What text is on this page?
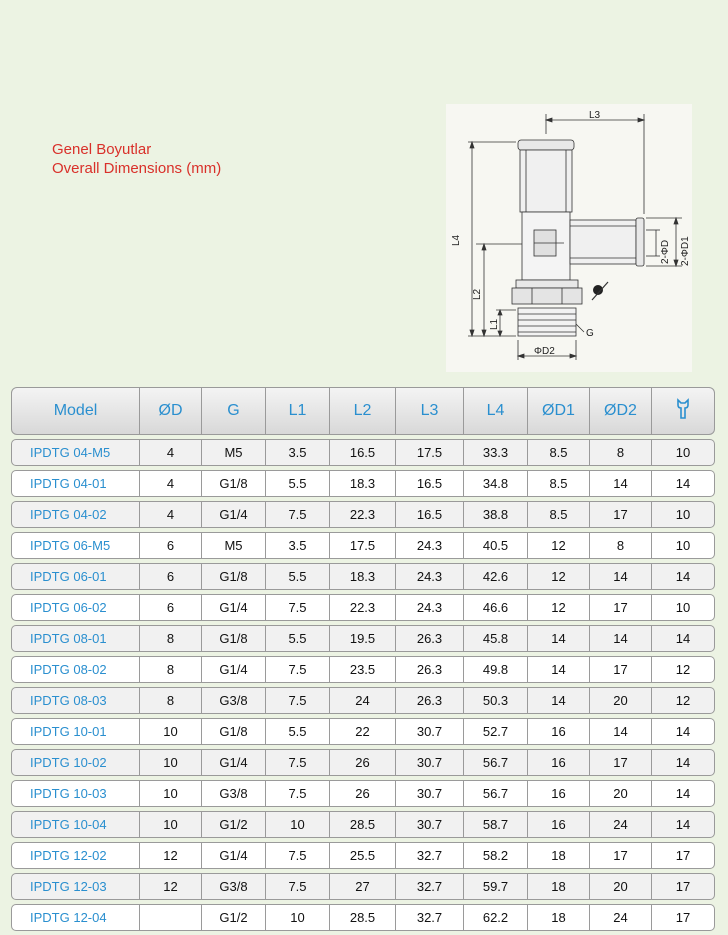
Genel Boyutlar
Overall Dimensions (mm)
L3
L4
L2
L1
2-ΦD 2-ΦD1
G
ΦD2
Model	ØD	G	L1	L2	L3	L4	ØD1	ØD2	
IPDTG 04-M5	4	M5	3.5	16.5	17.5	33.3	8.5	8	10
IPDTG 04-01	4	G1/8	5.5	18.3	16.5	34.8	8.5	14	14
IPDTG 04-02	4	G1/4	7.5	22.3	16.5	38.8	8.5	17	10
IPDTG 06-M5	6	M5	3.5	17.5	24.3	40.5	12	8	10
IPDTG 06-01	6	G1/8	5.5	18.3	24.3	42.6	12	14	14
IPDTG 06-02	6	G1/4	7.5	22.3	24.3	46.6	12	17	10
IPDTG 08-01	8	G1/8	5.5	19.5	26.3	45.8	14	14	14
IPDTG 08-02	8	G1/4	7.5	23.5	26.3	49.8	14	17	12
IPDTG 08-03	8	G3/8	7.5	24	26.3	50.3	14	20	12
IPDTG 10-01	10	G1/8	5.5	22	30.7	52.7	16	14	14
IPDTG 10-02	10	G1/4	7.5	26	30.7	56.7	16	17	14
IPDTG 10-03	10	G3/8	7.5	26	30.7	56.7	16	20	14
IPDTG 10-04	10	G1/2	10	28.5	30.7	58.7	16	24	14
IPDTG 12-02	12	G1/4	7.5	25.5	32.7	58.2	18	17	17
IPDTG 12-03	12	G3/8	7.5	27	32.7	59.7	18	20	17
IPDTG 12-04		G1/2	10	28.5	32.7	62.2	18	24	17
